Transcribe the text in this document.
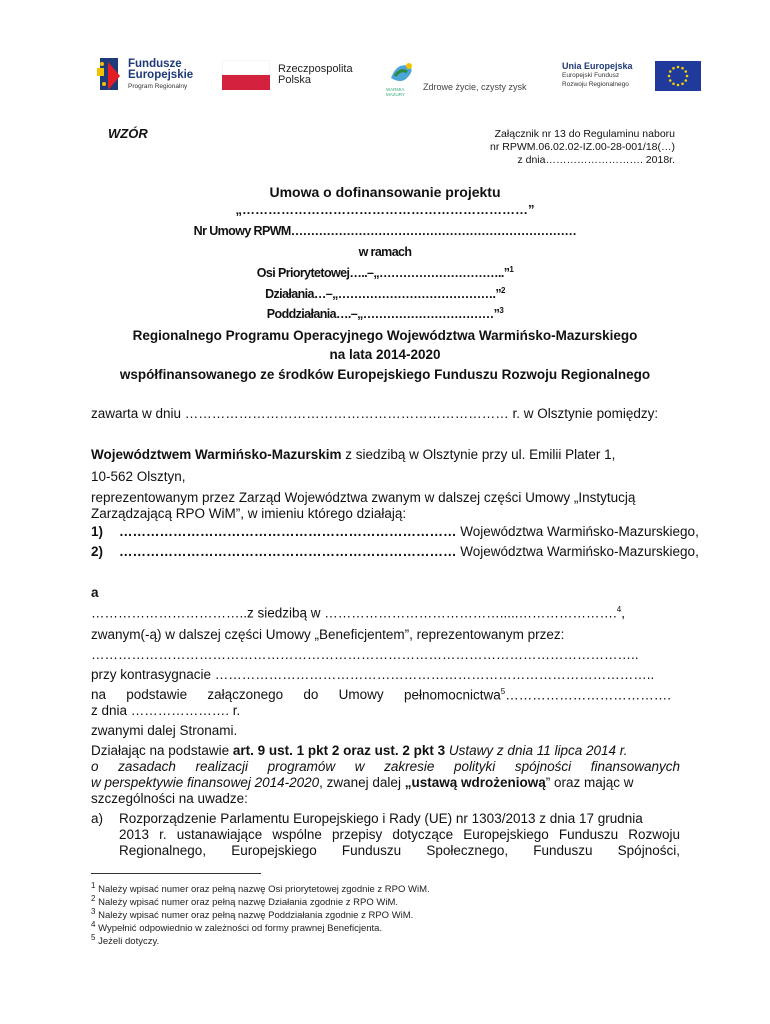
Fundusze
Europejskie
Program Regionalny
Rzeczpospolita
Polska
WARMIA MAZURY
Zdrowe życie, czysty zysk
Unia Europejska
Europejski Fundusz
Rozwoju Regionalnego
WZÓR	Załącznik nr 13 do Regulaminu naboru
nr RPWM.06.02.02-IZ.00-28-001/18(…)
z dnia………………………. 2018r.
Umowa o dofinansowanie projektu
„…………………………………………………………”
Nr Umowy RPWM………………………………………………………………
w ramach
Osi Priorytetowej…..–„…………………………..”$^1$
Działania…–„………………………………….”$^2$
Poddziałania….–„……………………………”$^3$
Regionalnego Programu Operacyjnego Województwa Warmińsko-Mazurskiego
na lata 2014-2020
współfinansowanego ze środków Europejskiego Funduszu Rozwoju Regionalnego
zawarta w dniu ……………………………………………………………… r. w Olsztynie pomiędzy:
Województwem Warmińsko-Mazurskim z siedzibą w Olsztynie przy ul. Emilii Plater 1,
10-562 Olsztyn,
reprezentowanym przez Zarząd Województwa zwanym w dalszej części Umowy „Instytucją
Zarządzającą RPO WiM”, w imieniu którego działają:
1) ………………………………………………………………… Województwa Warmińsko-Mazurskiego,
2) ………………………………………………………………… Województwa Warmińsko-Mazurskiego,
a
……………………………..z siedzibą w ………………………………….....………………….$^4$,
zwanym(-ą) w dalszej części Umowy „Beneficjentem”, reprezentowanym przez:
…………………………………………………………………………………………………………..
przy kontrasygnacie ……………………………………………………………………………………..
na podstawie załączonego do Umowy pełnomocnictwa$^5$……………………………….
z dnia …………………. r.
zwanymi dalej Stronami.
Działając na podstawie art. 9 ust. 1 pkt 2 oraz ust. 2 pkt 3 Ustawy z dnia 11 lipca 2014 r.
o zasadach realizacji programów w zakresie polityki spójności finansowanych
w perspektywie finansowej 2014-2020, zwanej dalej „ustawą wdrożeniową” oraz mając w
szczególności na uwadze:
a) Rozporządzenie Parlamentu Europejskiego i Rady (UE) nr 1303/2013 z dnia 17 grudnia
2013 r. ustanawiające wspólne przepisy dotyczące Europejskiego Funduszu Rozwoju
Regionalnego, Europejskiego Funduszu Społecznego, Funduszu Spójności,
$^1$ Należy wpisać numer oraz pełną nazwę Osi priorytetowej zgodnie z RPO WiM.
$^2$ Należy wpisać numer oraz pełną nazwę Działania zgodnie z RPO WiM.
$^3$ Należy wpisać numer oraz pełną nazwę Poddziałania zgodnie z RPO WiM.
$^4$ Wypełnić odpowiednio w zależności od formy prawnej Beneficjenta.
$^5$ Jeżeli dotyczy.
